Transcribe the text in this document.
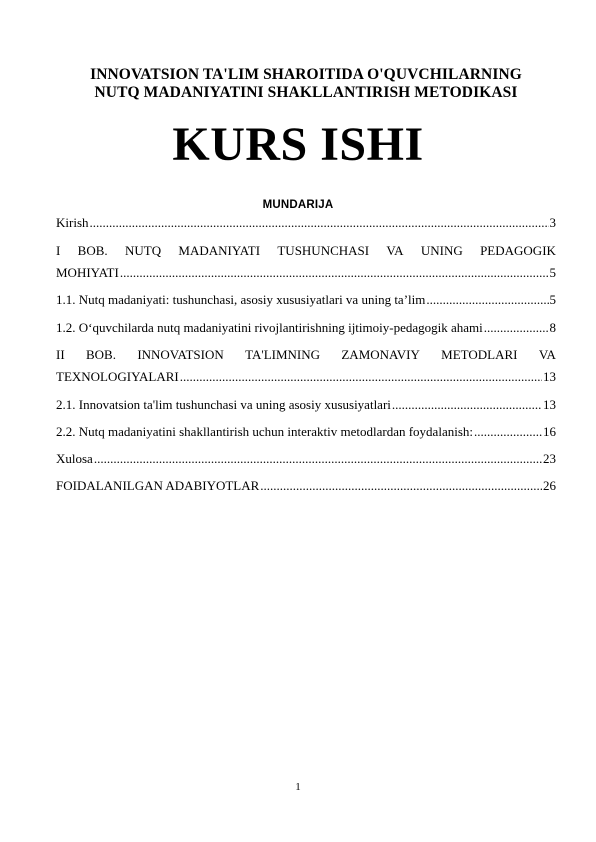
INNOVATSION TA'LIM SHAROITIDA O'QUVCHILARNING
NUTQ MADANIYATINI SHAKLLANTIRISH METODIKASI
KURS ISHI
MUNDARIJA
Kirish .....	3
I BOB. NUTQ MADANIYATI TUSHUNCHASI VA UNING PEDAGOGIK
MOHIYATI .....	5
1.1. Nutq madaniyati: tushunchasi, asosiy xususiyatlari va uning ta’lim .....	5
1.2. O‘quvchilarda nutq madaniyatini rivojlantirishning ijtimoiy-pedagogik ahami .....	8
II BOB. INNOVATSION TA'LIMNING ZAMONAVIY METODLARI VA
TEXNOLOGIYALARI .....	13
2.1. Innovatsion ta'lim tushunchasi va uning asosiy xususiyatlari .....	13
2.2. Nutq madaniyatini shakllantirish uchun interaktiv metodlardan foydalanish: .....	16
Xulosa .....	23
FOIDALANILGAN ADABIYOTLAR .....	26
1
